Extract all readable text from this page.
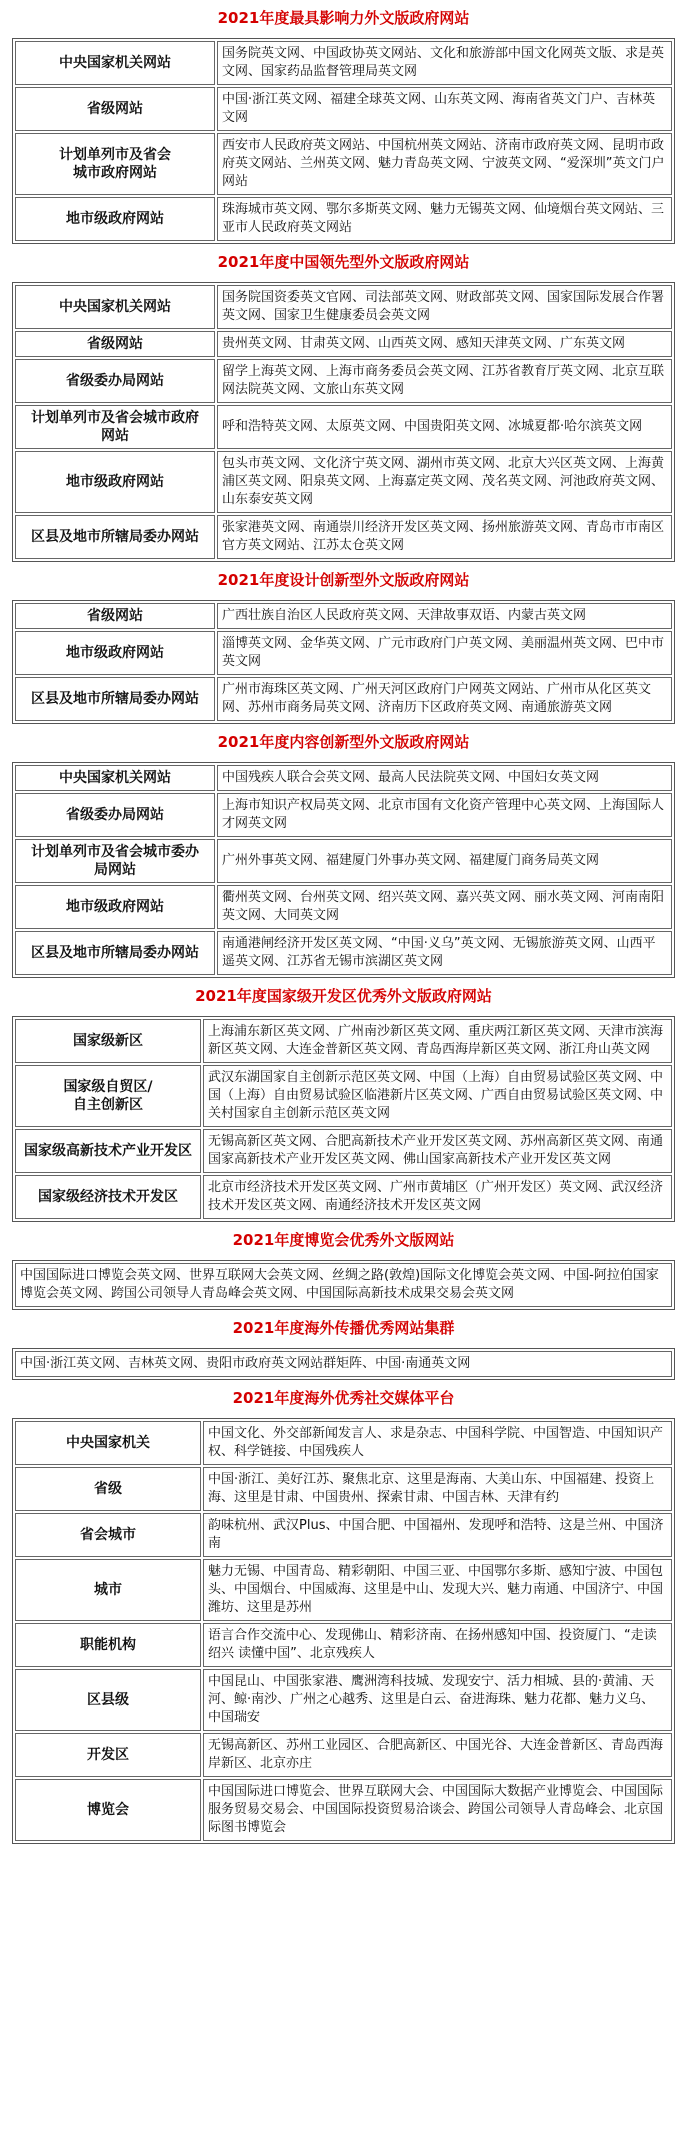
2021年度最具影响力外文版政府网站
中央国家机关网站	国务院英文网、中国政协英文网站、文化和旅游部中国文化网英文版、求是英文网、国家药品监督管理局英文网
省级网站	中国·浙江英文网、福建全球英文网、山东英文网、海南省英文门户、吉林英文网
计划单列市及省会
城市政府网站	西安市人民政府英文网站、中国杭州英文网站、济南市政府英文网、昆明市政府英文网站、兰州英文网、魅力青岛英文网、宁波英文网、“爱深圳”英文门户网站
地市级政府网站	珠海城市英文网、鄂尔多斯英文网、魅力无锡英文网、仙境烟台英文网站、三亚市人民政府英文网站
2021年度中国领先型外文版政府网站
中央国家机关网站	国务院国资委英文官网、司法部英文网、财政部英文网、国家国际发展合作署英文网、国家卫生健康委员会英文网
省级网站	贵州英文网、甘肃英文网、山西英文网、感知天津英文网、广东英文网
省级委办局网站	留学上海英文网、上海市商务委员会英文网、江苏省教育厅英文网、北京互联网法院英文网、文旅山东英文网
计划单列市及省会城市政府
网站	呼和浩特英文网、太原英文网、中国贵阳英文网、冰城夏都·哈尔滨英文网
地市级政府网站	包头市英文网、文化济宁英文网、湖州市英文网、北京大兴区英文网、上海黄浦区英文网、阳泉英文网、上海嘉定英文网、茂名英文网、河池政府英文网、山东泰安英文网
区县及地市所辖局委办网站	张家港英文网、南通崇川经济开发区英文网、扬州旅游英文网、青岛市市南区官方英文网站、江苏太仓英文网
2021年度设计创新型外文版政府网站
省级网站	广西壮族自治区人民政府英文网、天津故事双语、内蒙古英文网
地市级政府网站	淄博英文网、金华英文网、广元市政府门户英文网、美丽温州英文网、巴中市英文网
区县及地市所辖局委办网站	广州市海珠区英文网、广州天河区政府门户网英文网站、广州市从化区英文网、苏州市商务局英文网、济南历下区政府英文网、南通旅游英文网
2021年度内容创新型外文版政府网站
中央国家机关网站	中国残疾人联合会英文网、最高人民法院英文网、中国妇女英文网
省级委办局网站	上海市知识产权局英文网、北京市国有文化资产管理中心英文网、上海国际人才网英文网
计划单列市及省会城市委办
局网站	广州外事英文网、福建厦门外事办英文网、福建厦门商务局英文网
地市级政府网站	衢州英文网、台州英文网、绍兴英文网、嘉兴英文网、丽水英文网、河南南阳英文网、大同英文网
区县及地市所辖局委办网站	南通港闸经济开发区英文网、“中国·义乌”英文网、无锡旅游英文网、山西平遥英文网、江苏省无锡市滨湖区英文网
2021年度国家级开发区优秀外文版政府网站
国家级新区	上海浦东新区英文网、广州南沙新区英文网、重庆两江新区英文网、天津市滨海新区英文网、大连金普新区英文网、青岛西海岸新区英文网、浙江舟山英文网
国家级自贸区/
自主创新区	武汉东湖国家自主创新示范区英文网、中国（上海）自由贸易试验区英文网、中国（上海）自由贸易试验区临港新片区英文网、广西自由贸易试验区英文网、中关村国家自主创新示范区英文网
国家级高新技术产业开发区	无锡高新区英文网、合肥高新技术产业开发区英文网、苏州高新区英文网、南通国家高新技术产业开发区英文网、佛山国家高新技术产业开发区英文网
国家级经济技术开发区	北京市经济技术开发区英文网、广州市黄埔区（广州开发区）英文网、武汉经济技术开发区英文网、南通经济技术开发区英文网
2021年度博览会优秀外文版网站
中国国际进口博览会英文网、世界互联网大会英文网、丝绸之路(敦煌)国际文化博览会英文网、中国-阿拉伯国家博览会英文网、跨国公司领导人青岛峰会英文网、中国国际高新技术成果交易会英文网
2021年度海外传播优秀网站集群
中国·浙江英文网、吉林英文网、贵阳市政府英文网站群矩阵、中国·南通英文网
2021年度海外优秀社交媒体平台
中央国家机关	中国文化、外交部新闻发言人、求是杂志、中国科学院、中国智造、中国知识产权、科学链接、中国残疾人
省级	中国·浙江、美好江苏、聚焦北京、这里是海南、大美山东、中国福建、投资上海、这里是甘肃、中国贵州、探索甘肃、中国吉林、天津有约
省会城市	韵味杭州、武汉Plus、中国合肥、中国福州、发现呼和浩特、这是兰州、中国济南
城市	魅力无锡、中国青岛、精彩朝阳、中国三亚、中国鄂尔多斯、感知宁波、中国包头、中国烟台、中国威海、这里是中山、发现大兴、魅力南通、中国济宁、中国潍坊、这里是苏州
职能机构	语言合作交流中心、发现佛山、精彩济南、在扬州感知中国、投资厦门、“走读绍兴 读懂中国”、北京残疾人
区县级	中国昆山、中国张家港、鹰洲湾科技城、发现安宁、活力相城、县的·黄浦、天河、鲸·南沙、广州之心越秀、这里是白云、奋进海珠、魅力花都、魅力义乌、中国瑞安
开发区	无锡高新区、苏州工业园区、合肥高新区、中国光谷、大连金普新区、青岛西海岸新区、北京亦庄
博览会	中国国际进口博览会、世界互联网大会、中国国际大数据产业博览会、中国国际服务贸易交易会、中国国际投资贸易洽谈会、跨国公司领导人青岛峰会、北京国际图书博览会
